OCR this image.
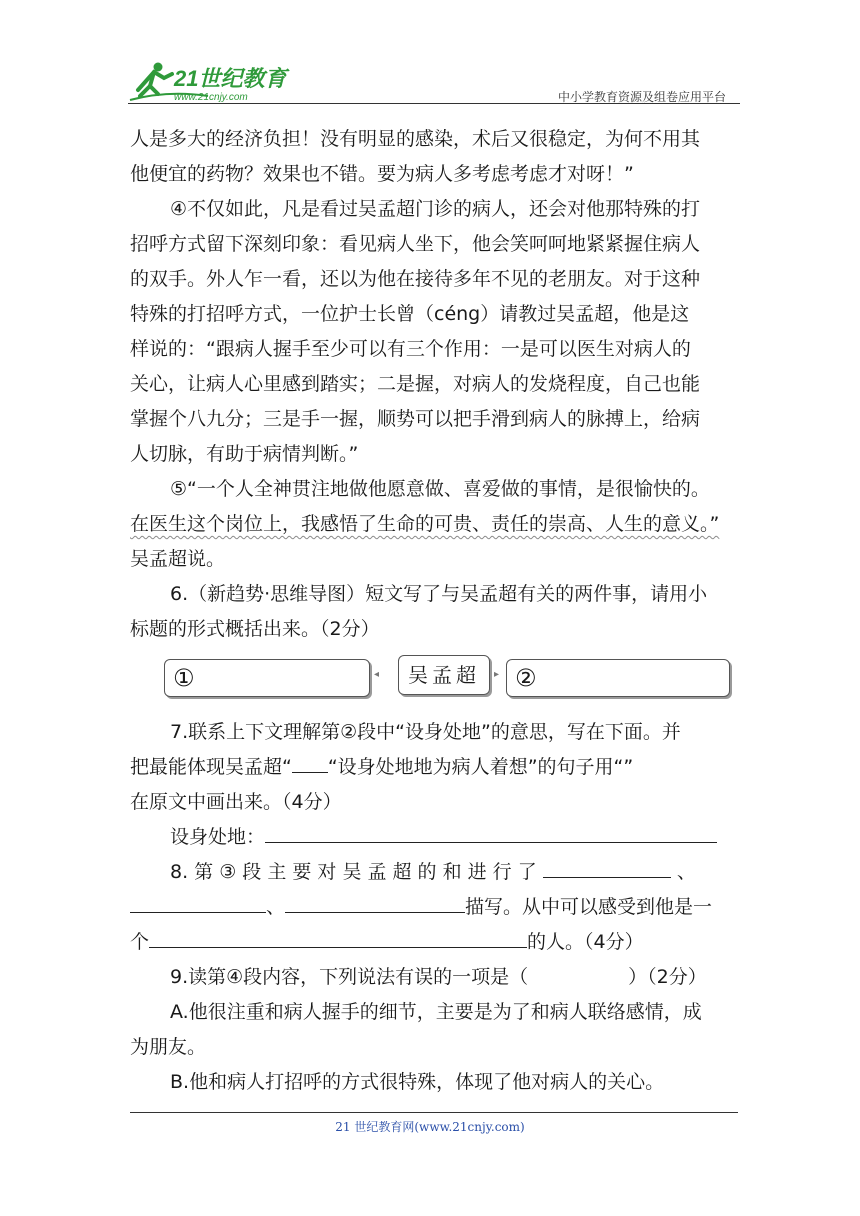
21世纪教育
www.21cnjy.com	中小学教育资源及组卷应用平台
人是多大的经济负担！没有明显的感染，术后又很稳定，为何不用其
他便宜的药物？效果也不错。要为病人多考虑考虑才对呀！”
④不仅如此，凡是看过吴孟超门诊的病人，还会对他那特殊的打
招呼方式留下深刻印象：看见病人坐下，他会笑呵呵地紧紧握住病人
的双手。外人乍一看，还以为他在接待多年不见的老朋友。对于这种
特殊的打招呼方式，一位护士长曾（céng）请教过吴孟超，他是这
样说的：“跟病人握手至少可以有三个作用：一是可以医生对病人的
关心，让病人心里感到踏实；二是握，对病人的发烧程度，自己也能
掌握个八九分；三是手一握，顺势可以把手滑到病人的脉搏上，给病
人切脉，有助于病情判断。”
⑤“一个人全神贯注地做他愿意做、喜爱做的事情，是很愉快的。
在医生这个岗位上，我感悟了生命的可贵、责任的崇高、人生的意义。”
吴孟超说。
6.（新趋势·思维导图）短文写了与吴孟超有关的两件事，请用小
标题的形式概括出来。（2分）
①	◂	吴孟超	▸ ②
7.联系上下文理解第②段中“设身处地”的意思，写在下面。并
把最能体现吴孟超“ “设身处地地为病人着想”的句子用“”
在原文中画出来。（4分）
设身处地：
8. 第 ③ 段 主 要 对 吴 孟 超 的 和 进 行 了	、
、	描写。从中可以感受到他是一
个	的人。（4分）
9.读第④段内容，下列说法有误的一项是（	）（2分）
A.他很注重和病人握手的细节，主要是为了和病人联络感情，成
为朋友。
B.他和病人打招呼的方式很特殊，体现了他对病人的关心。
21 世纪教育网(www.21cnjy.com)
